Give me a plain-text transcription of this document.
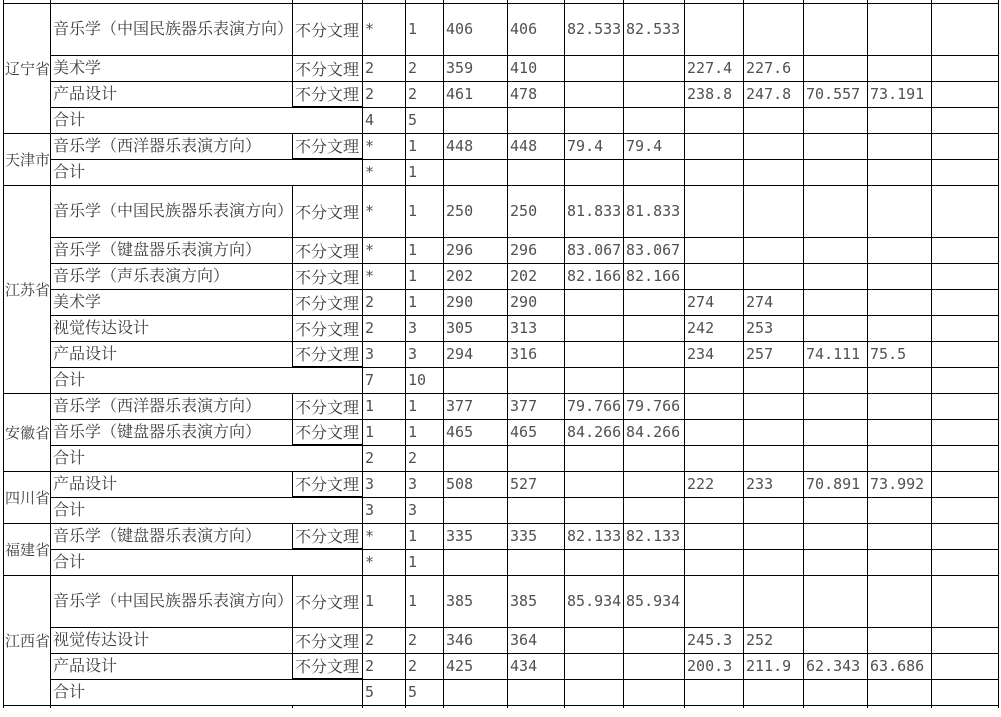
辽宁省	音乐学（中国民族器乐表演方向）	不分文理	*	1	406	406	82.533	82.533					
	美术学	不分文理	2	2	359	410			227.4	227.6			
	产品设计	不分文理	2	2	461	478			238.8	247.8	70.557	73.191	
	合计		4	5									
天津市	音乐学（西洋器乐表演方向）	不分文理	*	1	448	448	79.4	79.4					
	合计		*	1									
江苏省	音乐学（中国民族器乐表演方向）	不分文理	*	1	250	250	81.833	81.833					
	音乐学（键盘器乐表演方向）	不分文理	*	1	296	296	83.067	83.067					
	音乐学（声乐表演方向）	不分文理	*	1	202	202	82.166	82.166					
	美术学	不分文理	2	1	290	290			274	274			
	视觉传达设计	不分文理	2	3	305	313			242	253			
	产品设计	不分文理	3	3	294	316			234	257	74.111	75.5	
	合计		7	10									
安徽省	音乐学（西洋器乐表演方向）	不分文理	1	1	377	377	79.766	79.766					
	音乐学（键盘器乐表演方向）	不分文理	1	1	465	465	84.266	84.266					
	合计		2	2									
四川省	产品设计	不分文理	3	3	508	527			222	233	70.891	73.992	
	合计		3	3									
福建省	音乐学（键盘器乐表演方向）	不分文理	*	1	335	335	82.133	82.133					
	合计		*	1									
江西省	音乐学（中国民族器乐表演方向）	不分文理	1	1	385	385	85.934	85.934					
	视觉传达设计	不分文理	2	2	346	364			245.3	252			
	产品设计	不分文理	2	2	425	434			200.3	211.9	62.343	63.686	
	合计		5	5									
